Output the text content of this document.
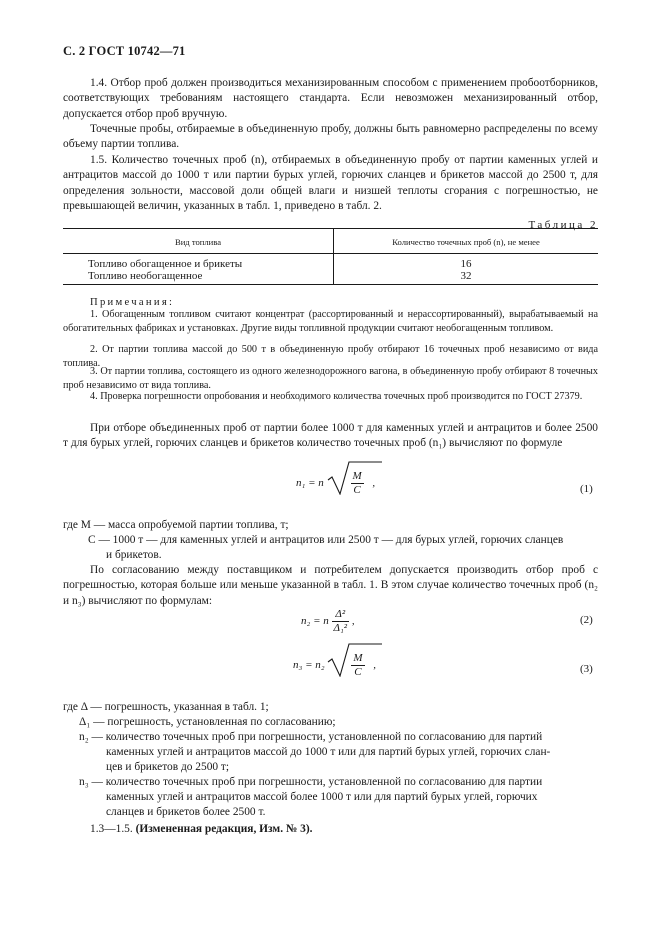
С. 2 ГОСТ 10742—71

1.4. Отбор проб должен производиться механизированным способом с применением пробоотборников, соответствующих требованиям настоящего стандарта. Если невозможен механизированный отбор, допускается отбор проб вручную.

Точечные пробы, отбираемые в объединенную пробу, должны быть равномерно распределены по всему объему партии топлива.

1.5. Количество точечных проб (n), отбираемых в объединенную пробу от партии каменных углей и антрацитов массой до 1000 т или партии бурых углей, горючих сланцев и брикетов массой до 2500 т, для определения зольности, массовой доли общей влаги и низшей теплоты сгорания с погрешностью, не превышающей величин, указанных в табл. 1, приведено в табл. 2.

Таблица 2
Вид топлива	Количество точечных проб (n), не менее
Топливо обогащенное и брикеты	16
Топливо необогащенное	32
Примечания:

1. Обогащенным топливом считают концентрат (рассортированный и нерассортированный), вырабатываемый на обогатительных фабриках и установках. Другие виды топливной продукции считают необогащенным топливом.

2. От партии топлива массой до 500 т в объединенную пробу отбирают 16 точечных проб независимо от вида топлива.

3. От партии топлива, состоящего из одного железнодорожного вагона, в объединенную пробу отбирают 8 точечных проб независимо от вида топлива.

4. Проверка погрешности опробования и необходимого количества точечных проб производится по ГОСТ 27379.

При отборе объединенных проб от партии более 1000 т для каменных углей и антрацитов и более 2500 т для бурых углей, горючих сланцев и брикетов количество точечных проб (n₁) вычисляют по формуле

n₁ = n $\frac{M}{C}$ ,	(1)
где M — масса опробуемой партии топлива, т;
C — 1000 т — для каменных углей и антрацитов или 2500 т — для бурых углей, горючих сланцев
и брикетов.

По согласованию между поставщиком и потребителем допускается производить отбор проб с погрешностью, которая больше или меньше указанной в табл. 1. В этом случае количество точечных проб (n₂ и n₃) вычисляют по формулам:

n₂ = n $\frac{\text{Δ²}}{\text{Δ₁²}}$ ,	(2)
$n_3 = n_2 \frac{M}{C}$ ,	(3)
где Δ — погрешность, указанная в табл. 1;
Δ₁ — погрешность, установленная по согласованию;
n₂ — количество точечных проб при погрешности, установленной по согласованию для партий
каменных углей и антрацитов массой до 1000 т или для партий бурых углей, горючих слан-
цев и брикетов до 2500 т;
n₃ — количество точечных проб при погрешности, установленной по согласованию для партии
каменных углей и антрацитов массой более 1000 т или для партий бурых углей, горючих
сланцев и брикетов более 2500 т.
1.3—1.5. (Измененная редакция, Изм. № 3).
